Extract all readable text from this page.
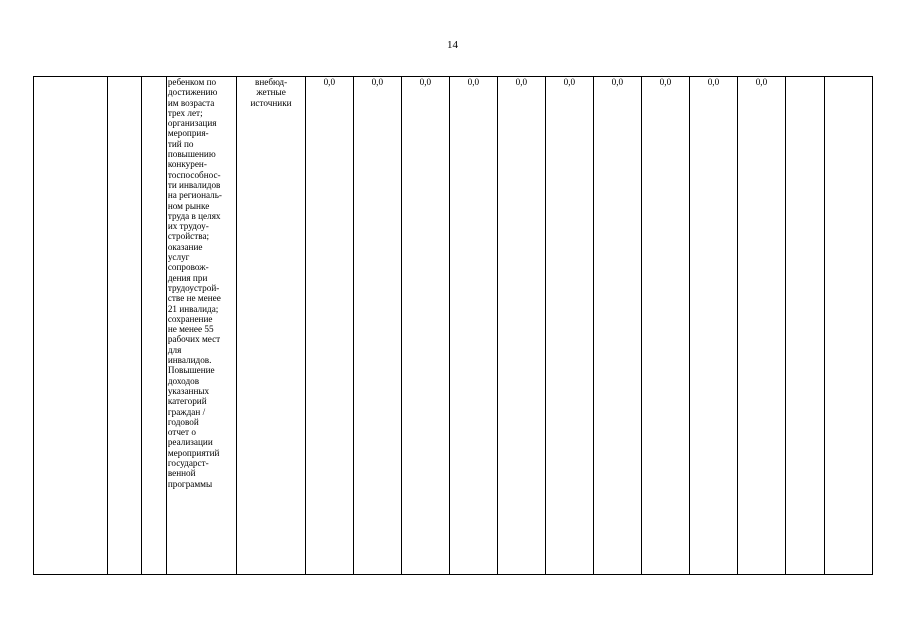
14

ребенком по
достижению
им возраста
трех лет;
организация
мероприя-
тий по
повышению
конкурен-
тоспособнос-
ти инвалидов
на региональ-
ном рынке
труда в целях
их трудоу-
стройства;
оказание
услуг
сопровож-
дения при
трудоустрой-
стве не менее
21 инвалида;
сохранение
не менее 55
рабочих мест
для
инвалидов.
Повышение
доходов
указанных
категорий
граждан /
годовой
отчет о
реализации
мероприятий
государст-
венной
программы

внебюд-
жетные
источники
	0,0	0,0	0,0	0,0	0,0	0,0	0,0	0,0	0,0	0,0		
